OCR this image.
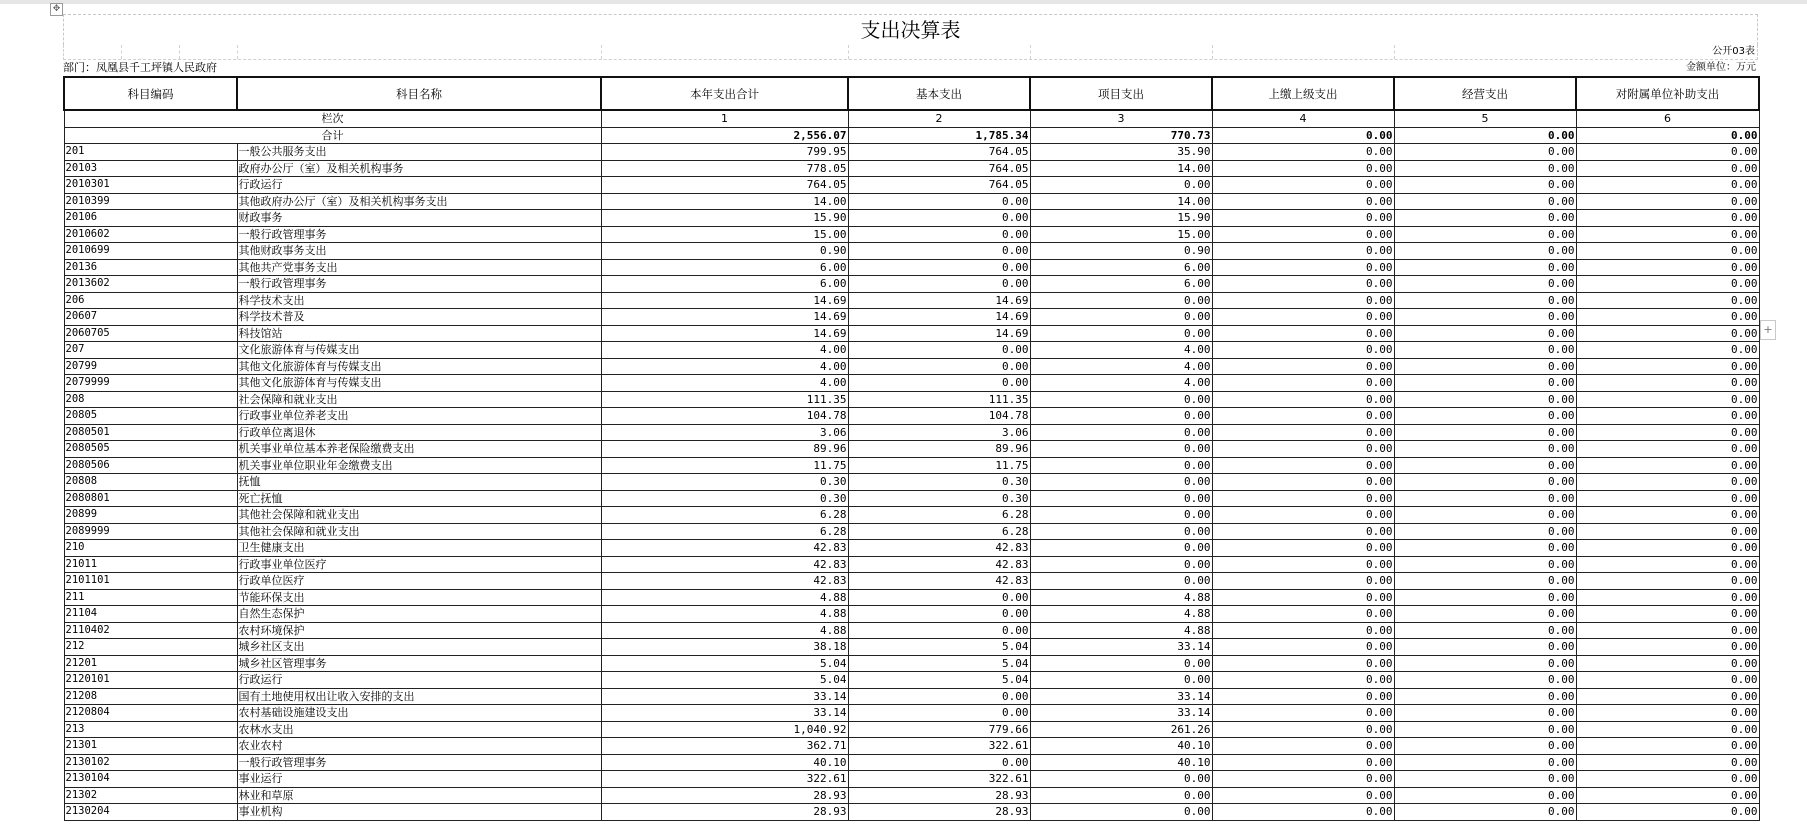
✥
+
支出决算表
公开03表
部门：凤凰县千工坪镇人民政府	金额单位：万元
科目编码	科目名称	本年支出合计	基本支出	项目支出	上缴上级支出	经营支出	对附属单位补助支出
栏次		1	2	3	4	5	6
合计		2,556.07	1,785.34	770.73	0.00	0.00	0.00
201	一般公共服务支出	799.95	764.05	35.90	0.00	0.00	0.00
20103	政府办公厅（室）及相关机构事务	778.05	764.05	14.00	0.00	0.00	0.00
2010301	行政运行	764.05	764.05	0.00	0.00	0.00	0.00
2010399	其他政府办公厅（室）及相关机构事务支出	14.00	0.00	14.00	0.00	0.00	0.00
20106	财政事务	15.90	0.00	15.90	0.00	0.00	0.00
2010602	一般行政管理事务	15.00	0.00	15.00	0.00	0.00	0.00
2010699	其他财政事务支出	0.90	0.00	0.90	0.00	0.00	0.00
20136	其他共产党事务支出	6.00	0.00	6.00	0.00	0.00	0.00
2013602	一般行政管理事务	6.00	0.00	6.00	0.00	0.00	0.00
206	科学技术支出	14.69	14.69	0.00	0.00	0.00	0.00
20607	科学技术普及	14.69	14.69	0.00	0.00	0.00	0.00
2060705	科技馆站	14.69	14.69	0.00	0.00	0.00	0.00
207	文化旅游体育与传媒支出	4.00	0.00	4.00	0.00	0.00	0.00
20799	其他文化旅游体育与传媒支出	4.00	0.00	4.00	0.00	0.00	0.00
2079999	其他文化旅游体育与传媒支出	4.00	0.00	4.00	0.00	0.00	0.00
208	社会保障和就业支出	111.35	111.35	0.00	0.00	0.00	0.00
20805	行政事业单位养老支出	104.78	104.78	0.00	0.00	0.00	0.00
2080501	行政单位离退休	3.06	3.06	0.00	0.00	0.00	0.00
2080505	机关事业单位基本养老保险缴费支出	89.96	89.96	0.00	0.00	0.00	0.00
2080506	机关事业单位职业年金缴费支出	11.75	11.75	0.00	0.00	0.00	0.00
20808	抚恤	0.30	0.30	0.00	0.00	0.00	0.00
2080801	死亡抚恤	0.30	0.30	0.00	0.00	0.00	0.00
20899	其他社会保障和就业支出	6.28	6.28	0.00	0.00	0.00	0.00
2089999	其他社会保障和就业支出	6.28	6.28	0.00	0.00	0.00	0.00
210	卫生健康支出	42.83	42.83	0.00	0.00	0.00	0.00
21011	行政事业单位医疗	42.83	42.83	0.00	0.00	0.00	0.00
2101101	行政单位医疗	42.83	42.83	0.00	0.00	0.00	0.00
211	节能环保支出	4.88	0.00	4.88	0.00	0.00	0.00
21104	自然生态保护	4.88	0.00	4.88	0.00	0.00	0.00
2110402	农村环境保护	4.88	0.00	4.88	0.00	0.00	0.00
212	城乡社区支出	38.18	5.04	33.14	0.00	0.00	0.00
21201	城乡社区管理事务	5.04	5.04	0.00	0.00	0.00	0.00
2120101	行政运行	5.04	5.04	0.00	0.00	0.00	0.00
21208	国有土地使用权出让收入安排的支出	33.14	0.00	33.14	0.00	0.00	0.00
2120804	农村基础设施建设支出	33.14	0.00	33.14	0.00	0.00	0.00
213	农林水支出	1,040.92	779.66	261.26	0.00	0.00	0.00
21301	农业农村	362.71	322.61	40.10	0.00	0.00	0.00
2130102	一般行政管理事务	40.10	0.00	40.10	0.00	0.00	0.00
2130104	事业运行	322.61	322.61	0.00	0.00	0.00	0.00
21302	林业和草原	28.93	28.93	0.00	0.00	0.00	0.00
2130204	事业机构	28.93	28.93	0.00	0.00	0.00	0.00
